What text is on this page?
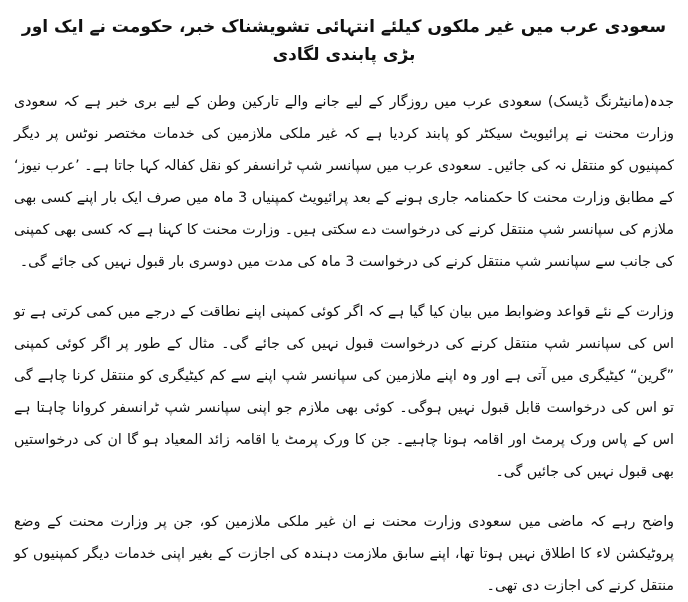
سعودی عرب میں غیر ملکوں کیلئے انتہائی تشویشناک خبر، حکومت نے ایک اور بڑی پابندی لگادی

جدہ(مانیٹرنگ ڈیسک) سعودی عرب میں روزگار کے لیے جانے والے تارکین وطن کے لیے بری خبر ہے کہ سعودی وزارت محنت نے پرائیویٹ سیکٹر کو پابند کردیا ہے کہ غیر ملکی ملازمین کی خدمات مختصر نوٹس پر دیگر کمپنیوں کو منتقل نہ کی جائیں۔ سعودی عرب میں سپانسر شپ ٹرانسفر کو نقل کفالہ کہا جاتا ہے۔ ’عرب نیوز‘ کے مطابق وزارت محنت کا حکمنامہ جاری ہونے کے بعد پرائیویٹ کمپنیاں 3 ماہ میں صرف ایک بار اپنے کسی بھی ملازم کی سپانسر شپ منتقل کرنے کی درخواست دے سکتی ہیں۔ وزارت محنت کا کہنا ہے کہ کسی بھی کمپنی کی جانب سے سپانسر شپ منتقل کرنے کی درخواست 3 ماہ کی مدت میں دوسری بار قبول نہیں کی جائے گی۔

وزارت کے نئے قواعد وضوابط میں بیان کیا گیا ہے کہ اگر کوئی کمپنی اپنے نطاقت کے درجے میں کمی کرتی ہے تو اس کی سپانسر شپ منتقل کرنے کی درخواست قبول نہیں کی جائے گی۔ مثال کے طور پر اگر کوئی کمپنی ”گرین“ کیٹیگری میں آتی ہے اور وہ اپنے ملازمین کی سپانسر شپ اپنے سے کم کیٹیگری کو منتقل کرنا چاہے گی تو اس کی درخواست قابل قبول نہیں ہوگی۔ کوئی بھی ملازم جو اپنی سپانسر شپ ٹرانسفر کروانا چاہتا ہے اس کے پاس ورک پرمٹ اور اقامہ ہونا چاہیے۔ جن کا ورک پرمٹ یا اقامہ زائد المعیاد ہو گا ان کی درخواستیں بھی قبول نہیں کی جائیں گی۔

واضح رہے کہ ماضی میں سعودی وزارت محنت نے ان غیر ملکی ملازمین کو، جن پر وزارت محنت کے وضع پروٹیکشن لاء کا اطلاق نہیں ہوتا تھا، اپنے سابق ملازمت دہندہ کی اجازت کے بغیر اپنی خدمات دیگر کمپنیوں کو منتقل کرنے کی اجازت دی تھی۔
